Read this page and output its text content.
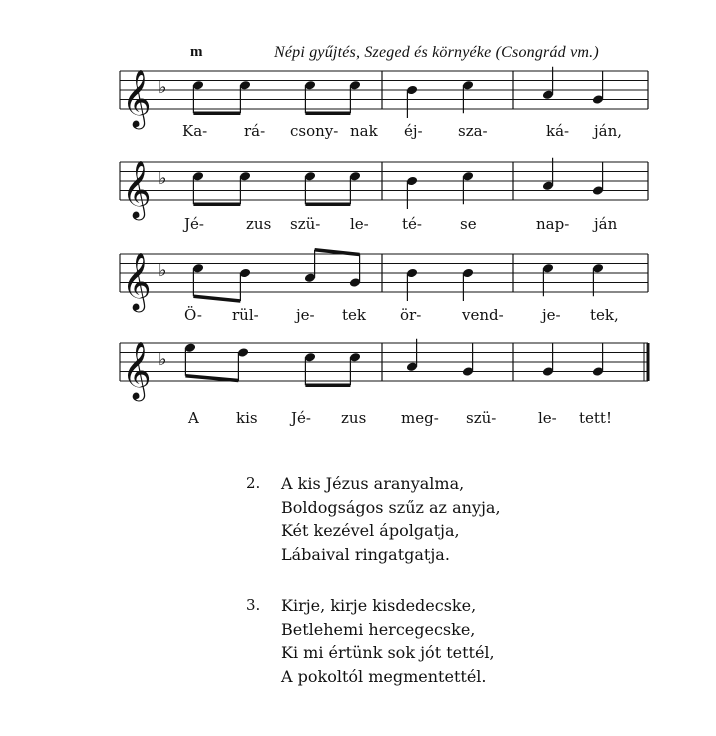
m	Népi gyűjtés, Szeged és környéke (Csongrád vm.)
𝄞 ♭
Ka- rá- csony- nak éj- sza-	ká- ján,
𝄞 ♭
Jé-	zus szü- le- té-	se	nap- ján
𝄞 ♭
Ö- rül- je- tek ör-	vend-	je- tek,
𝄞 ♭
A kis Jé- zus meg- szü-	le- tett!
2. A kis Jézus aranyalma,
Boldogságos szűz az anyja,
Két kezével ápolgatja,
Lábaival ringatgatja.
3. Kirje, kirje kisdedecske,
Betlehemi hercegecske,
Ki mi értünk sok jót tettél,
A pokoltól megmentettél.
